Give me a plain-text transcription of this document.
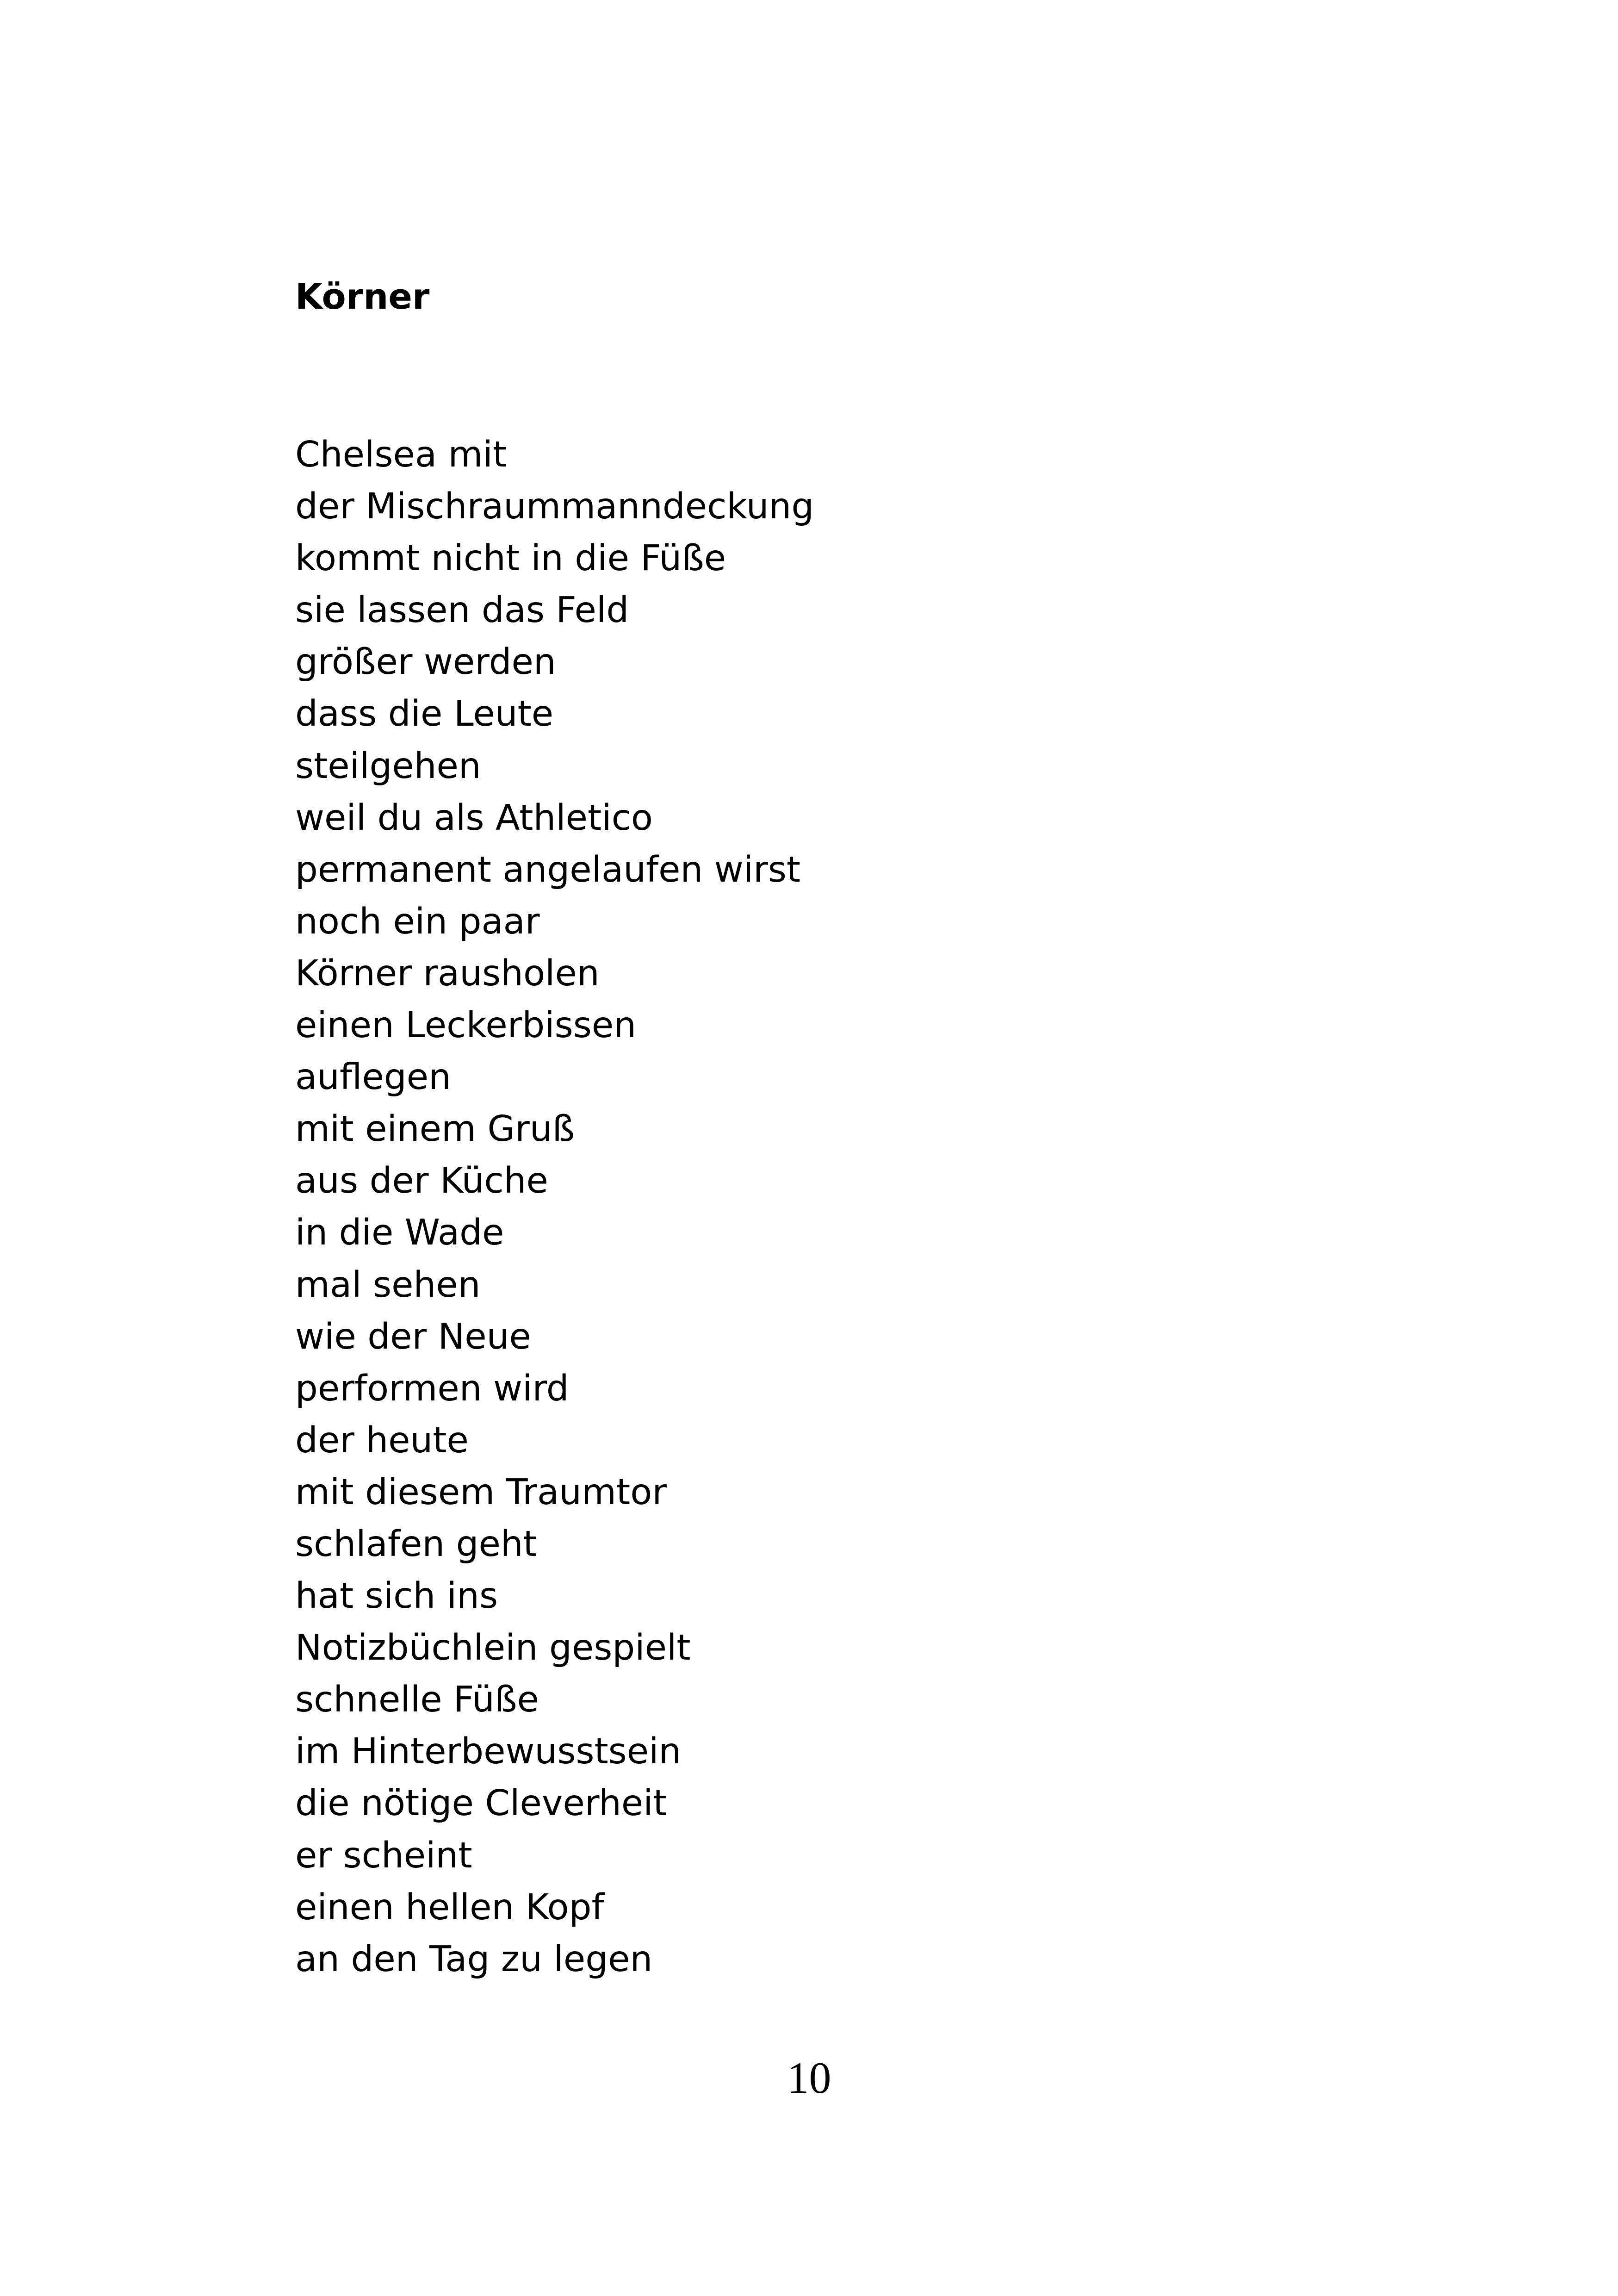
Körner
Chelsea mit
der Mischraummanndeckung
kommt nicht in die Füße
sie lassen das Feld
größer werden
dass die Leute
steilgehen
weil du als Athletico
permanent angelaufen wirst
noch ein paar
Körner rausholen
einen Leckerbissen
auflegen
mit einem Gruß
aus der Küche
in die Wade
mal sehen
wie der Neue
performen wird
der heute
mit diesem Traumtor
schlafen geht
hat sich ins
Notizbüchlein gespielt
schnelle Füße
im Hinterbewusstsein
die nötige Cleverheit
er scheint
einen hellen Kopf
an den Tag zu legen
10
